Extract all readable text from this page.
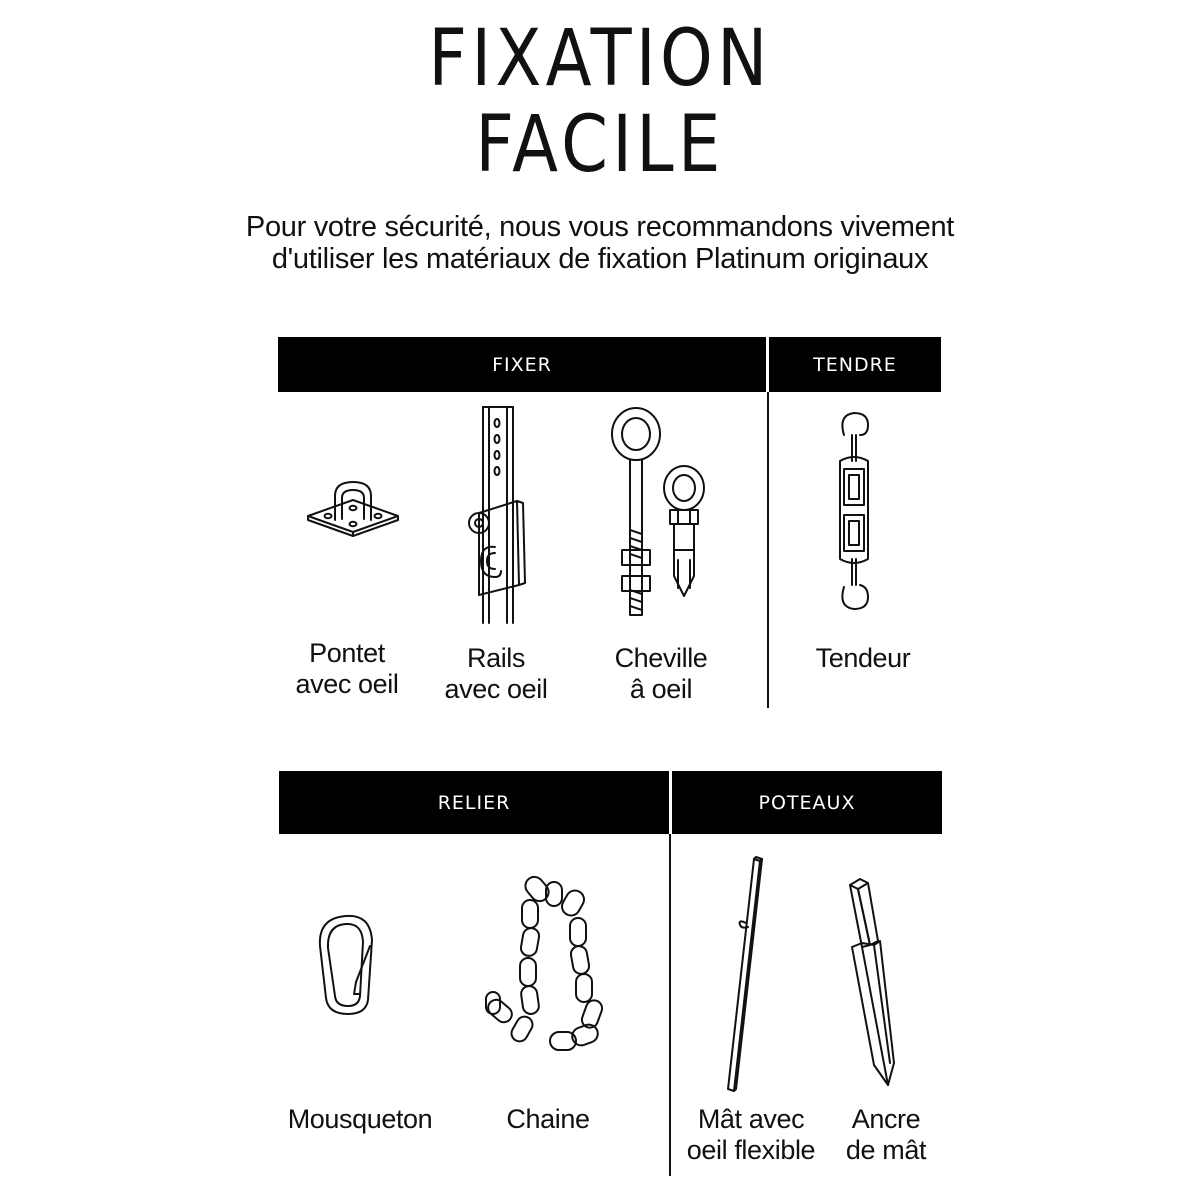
FIXATION
FACILE
Pour votre sécurité, nous vous recommandons vivement
d'utiliser les matériaux de fixation Platinum originaux
FIXER	TENDRE
RELIER	POTEAUX
Pontet
avec oeil
Rails
avec oeil
Cheville
â oeil
Tendeur
Mousqueton	Chaine	Mât avec
oeil flexible
Ancre
de mât
